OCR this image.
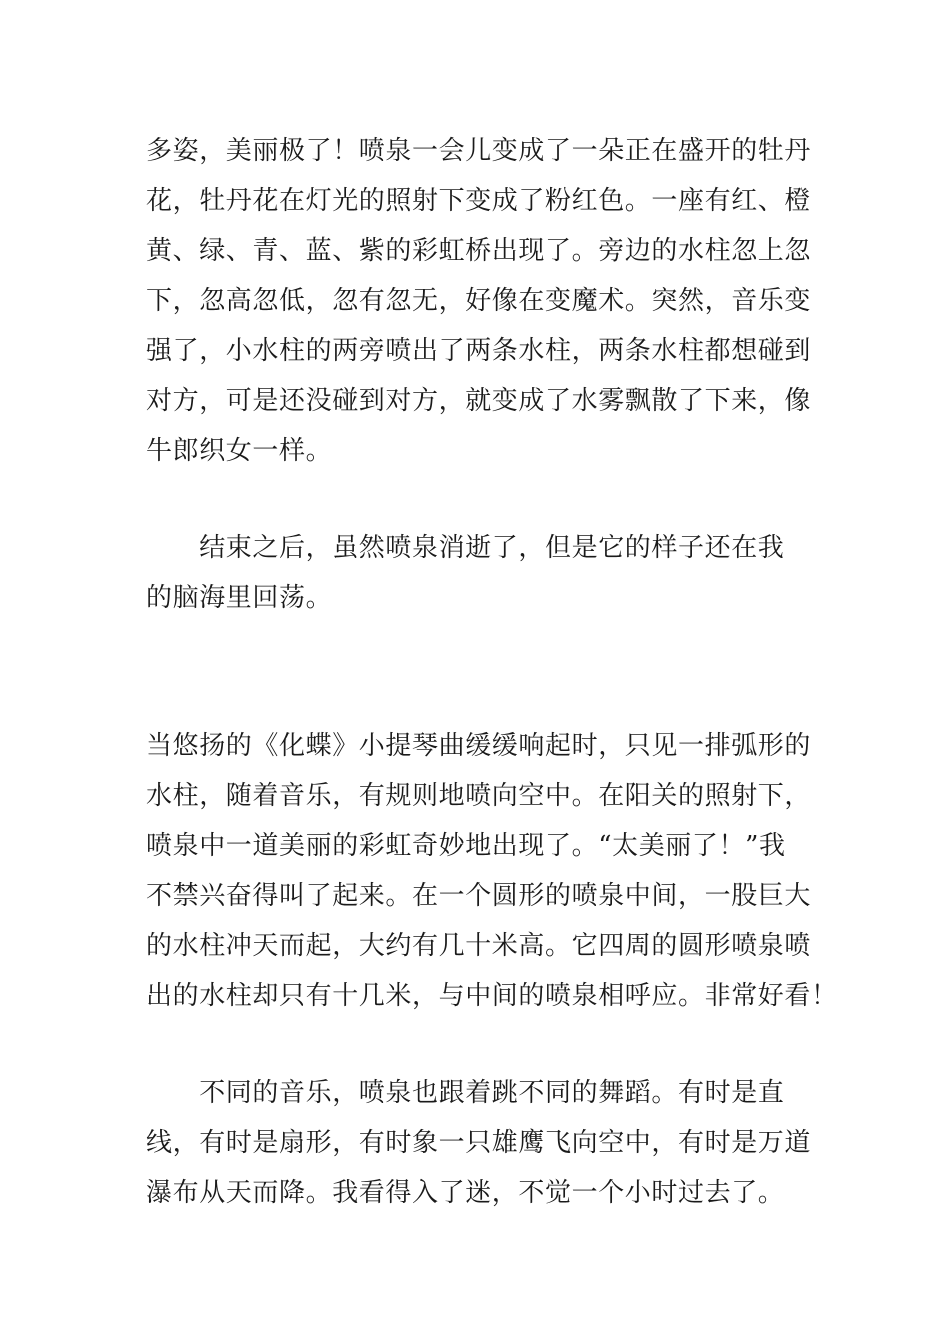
多姿，美丽极了！喷泉一会儿变成了一朵正在盛开的牡丹
花，牡丹花在灯光的照射下变成了粉红色。一座有红、橙
黄、绿、青、蓝、紫的彩虹桥出现了。旁边的水柱忽上忽
下，忽高忽低，忽有忽无，好像在变魔术。突然，音乐变
强了，小水柱的两旁喷出了两条水柱，两条水柱都想碰到
对方，可是还没碰到对方，就变成了水雾飘散了下来，像
牛郎织女一样。
　　结束之后，虽然喷泉消逝了，但是它的样子还在我
的脑海里回荡。
当悠扬的《化蝶》小提琴曲缓缓响起时，只见一排弧形的
水柱，随着音乐，有规则地喷向空中。在阳关的照射下，
喷泉中一道美丽的彩虹奇妙地出现了。“太美丽了！”我
不禁兴奋得叫了起来。在一个圆形的喷泉中间，一股巨大
的水柱冲天而起，大约有几十米高。它四周的圆形喷泉喷
出的水柱却只有十几米，与中间的喷泉相呼应。非常好看！
　　不同的音乐，喷泉也跟着跳不同的舞蹈。有时是直
线，有时是扇形，有时象一只雄鹰飞向空中，有时是万道
瀑布从天而降。我看得入了迷，不觉一个小时过去了。
